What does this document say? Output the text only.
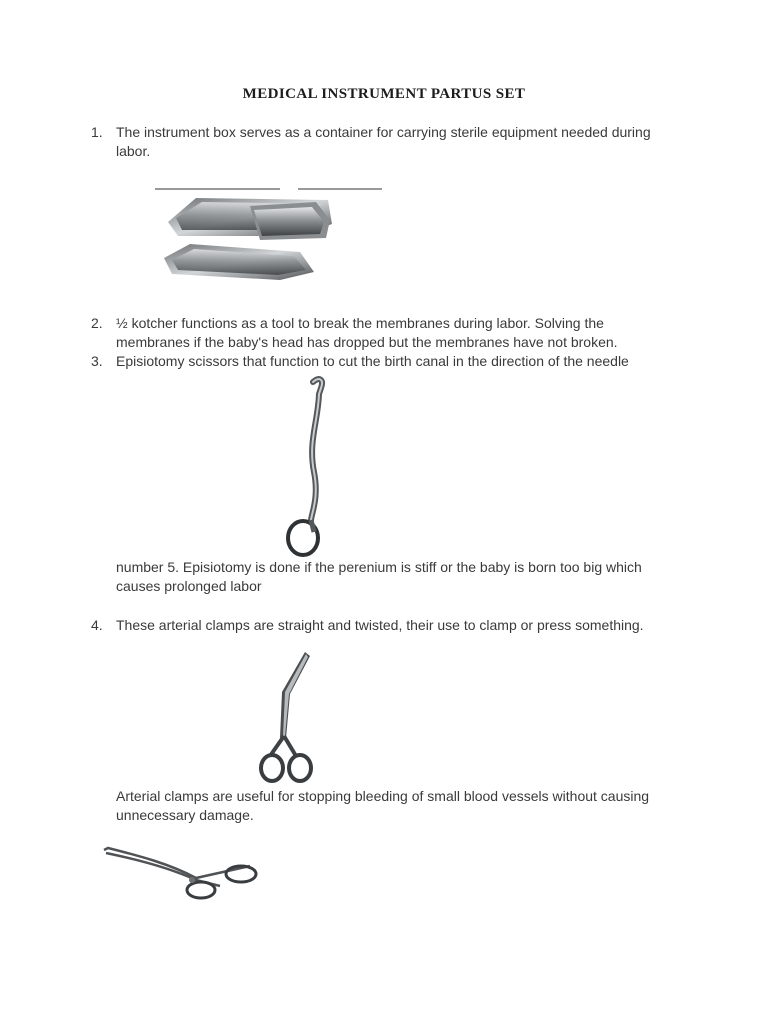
MEDICAL INSTRUMENT PARTUS SET
1. The instrument box serves as a container for carrying sterile equipment needed during labor.
2. ½ kotcher functions as a tool to break the membranes during labor. Solving the membranes if the baby's head has dropped but the membranes have not broken.
3. Episiotomy scissors that function to cut the birth canal in the direction of the needle
number 5. Episiotomy is done if the perenium is stiff or the baby is born too big which causes prolonged labor
4. These arterial clamps are straight and twisted, their use to clamp or press something.
Arterial clamps are useful for stopping bleeding of small blood vessels without causing unnecessary damage.
